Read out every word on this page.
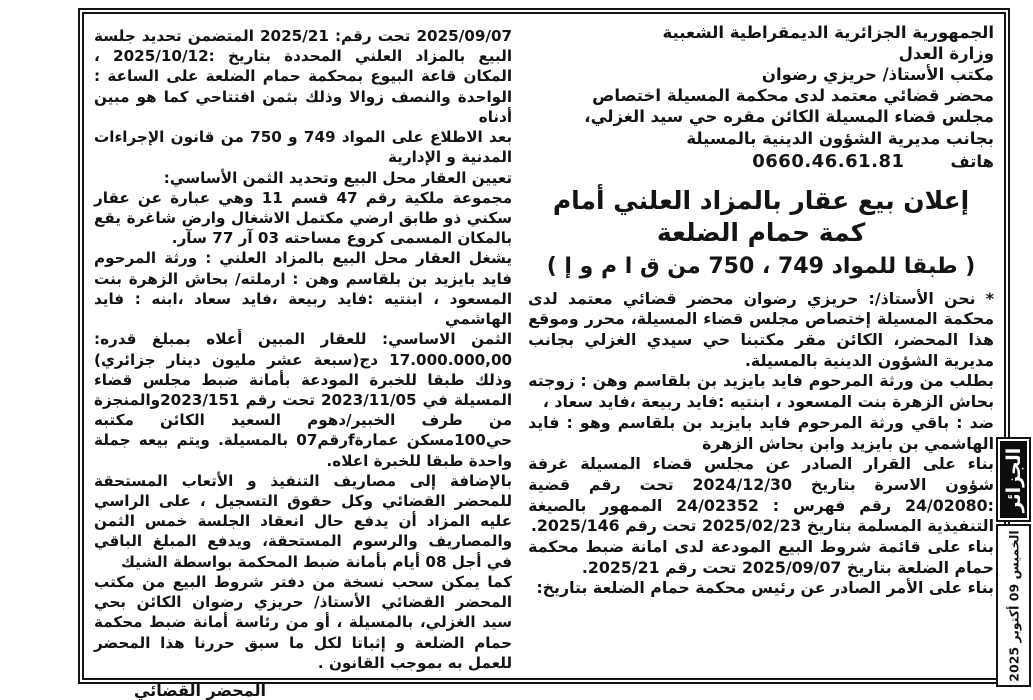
الجمهورية الجزائرية الديمقراطية الشعبية

وزارة العدل

مكتب الأستاذ/ حريزي رضوان

محضر قضائي معتمد لدى محكمة المسيلة اختصاص

مجلس قضاء المسيلة الكائن مقره حي سيد الغزلي،

بجانب مديرية الشؤون الدينية بالمسيلة

هاتف
0660.46.61.81
إعلان بيع عقار بالمزاد العلني أمام كمة حمام الضلعة
( طبقا للمواد 749 ، 750 من ق ا م و إ )

* نحن الأستاذ/: حريزي رضوان محضر قضائي معتمد لدى محكمة المسيلة إختصاص مجلس قضاء المسيلة، محرر وموقع هذا المحضر، الكائن مقر مكتبنا حي سيدي الغزلي بجانب مديرية الشؤون الدينية بالمسيلة.

بطلب من ورثة المرحوم فايد بايزيد بن بلقاسم وهن : زوجته بحاش الزهرة بنت المسعود ، ابنتيه :فايد ربيعة ،فايد سعاد ،

ضد : باقي ورثة المرحوم فايد بايزيد بن بلقاسم وهو : فايد الهاشمي بن بايزيد وابن بحاش الزهرة

بناء على القرار الصادر عن مجلس قضاء المسيلة غرفة شؤون الاسرة بتاريخ 2024/12/30 تحت رقم قضية :24/02080 رقم فهرس : 24/02352 الممهور بالصيغة التنفيذية المسلمة بتاريخ 2025/02/23 تحت رقم 2025/146.

بناء على قائمة شروط البيع المودعة لدى امانة ضبط محكمة حمام الضلعة بتاريخ 2025/09/07 تحت رقم 2025/21.

بناء على الأمر الصادر عن رئيس محكمة حمام الضلعة بتاريخ:

2025/09/07 تحت رقم: 2025/21 المتضمن تحديد جلسة البيع بالمزاد العلني المحددة بتاريخ :2025/10/12 ، المكان قاعة البيوع بمحكمة حمام الضلعة على الساعة : الواحدة والنصف زوالا وذلك بثمن افتتاحي كما هو مبين أدناه

بعد الاطلاع على المواد 749 و 750 من قانون الإجراءات المدنية و الإدارية

تعيين العقار محل البيع وتحديد الثمن الأساسي:

مجموعة ملكية رقم 47 قسم 11 وهي عبارة عن عقار سكني ذو طابق ارضي مكتمل الاشغال وارض شاغرة يقع بالمكان المسمى كروع مساحته 03 آر 77 سآر.

يشغل العقار محل البيع بالمزاد العلني : ورثة المرحوم فايد بايزيد بن بلقاسم وهن : ارملته/ بحاش الزهرة بنت المسعود ، ابنتيه :فايد ربيعة ،فايد سعاد ،ابنه : فايد الهاشمي

الثمن الاساسي: للعقار المبين أعلاه بمبلغ قدره: 17.000.000,00 دج(سبعة عشر مليون دينار جزائري) وذلك طبقا للخبرة المودعة بأمانة ضبط مجلس قضاء المسيلة في 2023/11/05 تحت رقم 2023/151والمنجزة من طرف الخبير/دهوم السعيد الكائن مكتبه حي100مسكن عمارةfرقم07 بالمسيلة. ويتم بيعه جملة واحدة طبقا للخبرة اعلاه.

بالإضافة إلى مصاريف التنفيذ و الأتعاب المستحقة للمحضر القضائي وكل حقوق التسجيل ، على الراسي عليه المزاد أن يدفع حال انعقاد الجلسة خمس الثمن والمصاريف والرسوم المستحقة، ويدفع المبلغ الباقي في أجل 08 أيام بأمانة ضبط المحكمة بواسطة الشيك

كما يمكن سحب نسخة من دفتر شروط البيع من مكتب المحضر القضائي الأستاذ/ حريزي رضوان الكائن بحي سيد الغزلي، بالمسيلة ، أو من رئاسة أمانة ضبط محكمة حمام الضلعة و إثباتا لكل ما سبق حررنا هذا المحضر للعمل به بموجب القانون .

المحضر القضائي

الجزائر
الخميس 09 أكتوبر 2025
